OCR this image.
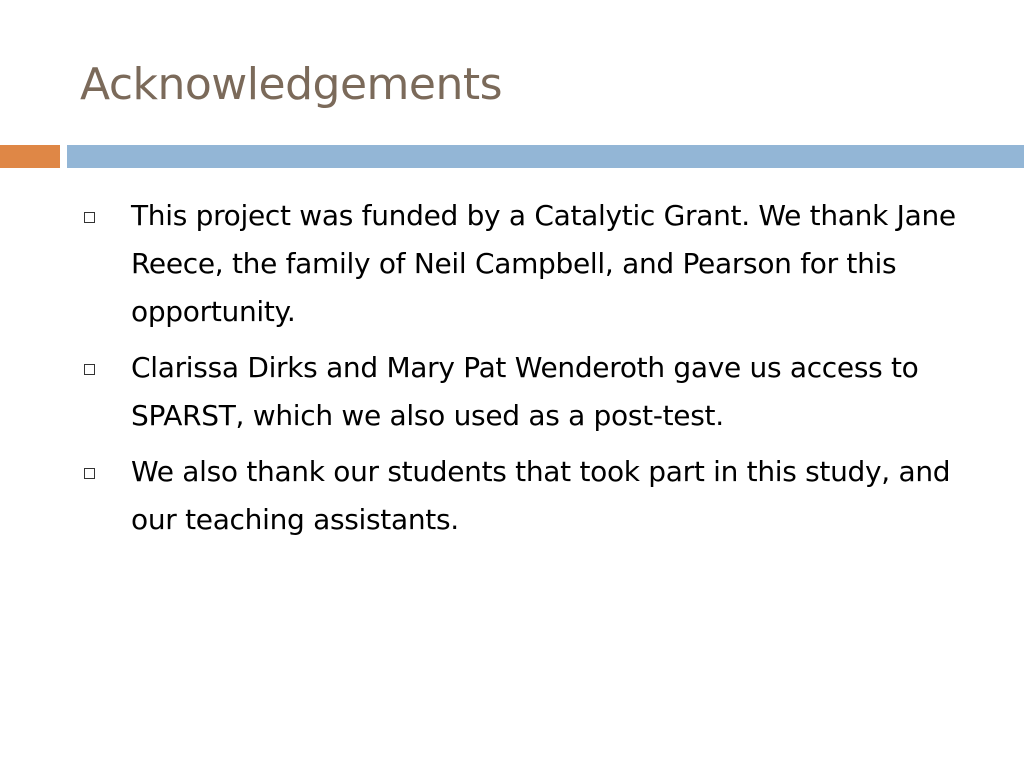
Acknowledgements
This project was funded by a Catalytic Grant. We thank Jane Reece, the family of Neil Campbell, and Pearson for this opportunity.
Clarissa Dirks and Mary Pat Wenderoth gave us access to SPARST, which we also used as a post-test.
We also thank our students that took part in this study, and our teaching assistants.
